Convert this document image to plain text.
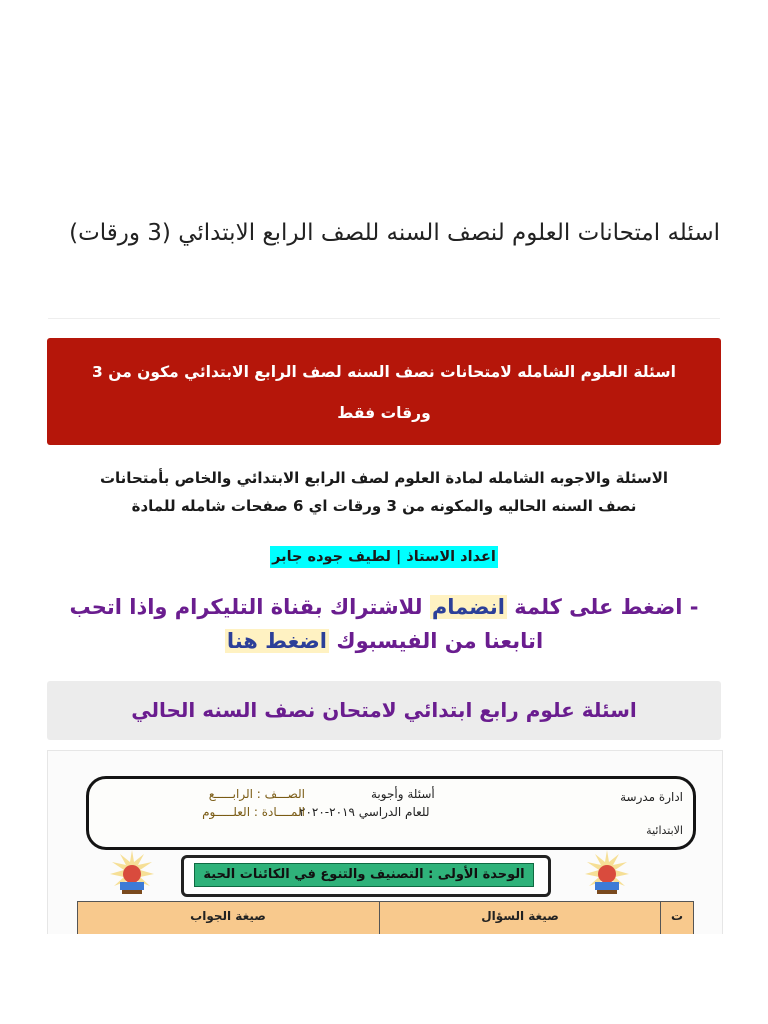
اسئله امتحانات العلوم لنصف السنه للصف الرابع الابتدائي (3 ورقات)
اسئلة العلوم الشامله لامتحانات نصف السنه لصف الرابع الابتدائي مكون من 3 ورقات فقط
الاسئلة والاجوبه الشامله لمادة العلوم لصف الرابع الابتدائي والخاص بأمتحانات
نصف السنه الحاليه والمكونه من 3 ورقات اي 6 صفحات شامله للمادة
اعداد الاستاذ | لطيف جوده جابر
- اضغط على كلمة انضمام للاشتراك بقناة التليكرام واذا اتحب اتابعنا من الفيسبوك اضغط هنا
اسئلة علوم رابع ابتدائي لامتحان نصف السنه الحالي
ادارة مدرسة
الابتدائية
أسئلة وأجوبة
للعام الدراسي ٢٠١٩-٢٠٢٠
الصـــف : الرابـــــع
المــــادة : العلـــــوم
الوحدة الأولى : التصنيف والتنوع في الكائنات الحية
ت
صيغة السؤال
صيغة الجواب
